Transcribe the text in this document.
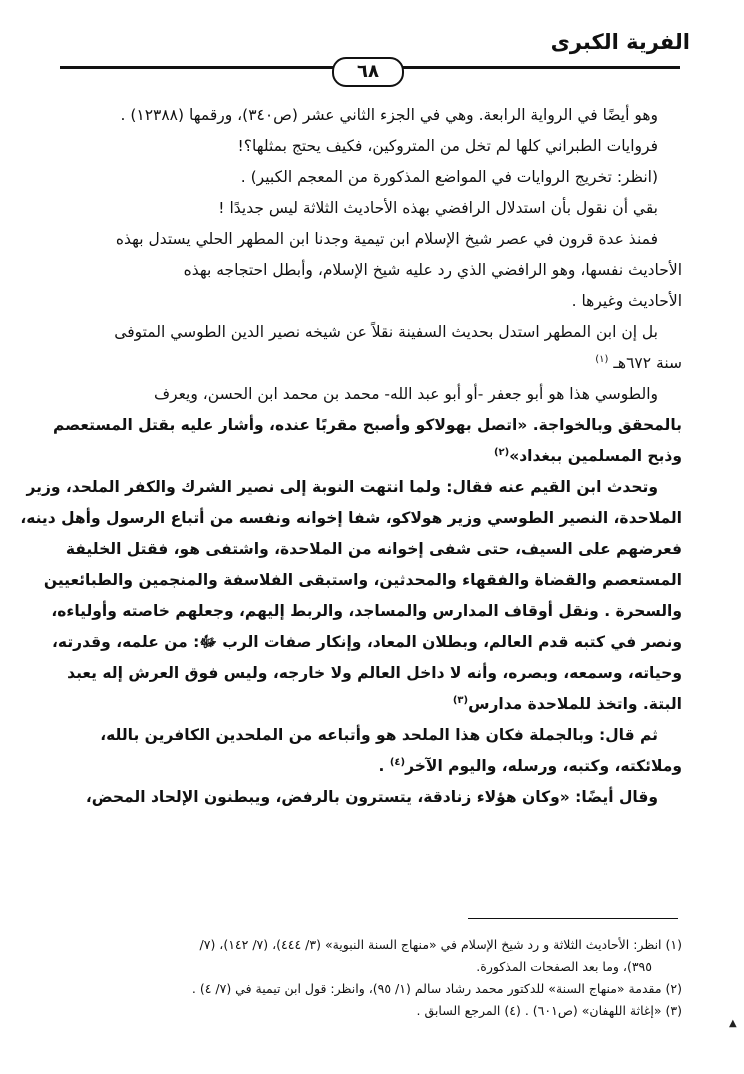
الفرية الكبرى
٦٨

وهو أيضًا في الرواية الرابعة. وهي في الجزء الثاني عشر (ص٣٤٠)، ورقمها (١٢٣٨٨) .

فروايات الطبراني كلها لم تخل من المتروكين، فكيف يحتج بمثلها؟!

(انظر: تخريج الروايات في المواضع المذكورة من المعجم الكبير) .

بقي أن نقول بأن استدلال الرافضي بهذه الأحاديث الثلاثة ليس جديدًا !

فمنذ عدة قرون في عصر شيخ الإسلام ابن تيمية وجدنا ابن المطهر الحلي يستدل بهذه
الأحاديث نفسها، وهو الرافضي الذي رد عليه شيخ الإسلام، وأبطل احتجاجه بهذه
الأحاديث وغيرها .

بل إن ابن المطهر استدل بحديث السفينة نقلاً عن شيخه نصير الدين الطوسي المتوفى
سنة ٦٧٢هـ $^{(١)}$

والطوسي هذا هو أبو جعفر -أو أبو عبد الله- محمد بن محمد ابن الحسن، ويعرف
بالمحقق وبالخواجة. «اتصل بهولاكو وأصبح مقربًا عنده، وأشار عليه بقتل المستعصم
وذبح المسلمين ببغداد»$^{(٢)}$

وتحدث ابن القيم عنه فقال: ولما انتهت النوبة إلى نصير الشرك والكفر الملحد، وزير
الملاحدة، النصير الطوسي وزير هولاكو، شفا إخوانه ونفسه من أتباع الرسول وأهل دينه،
فعرضهم على السيف، حتى شفى إخوانه من الملاحدة، واشتفى هو، فقتل الخليفة
المستعصم والقضاة والفقهاء والمحدثين، واستبقى الفلاسفة والمنجمين والطبائعيين
والسحرة . ونقل أوقاف المدارس والمساجد، والربط إليهم، وجعلهم خاصته وأولياءه،
ونصر في كتبه قدم العالم، وبطلان المعاد، وإنكار صفات الرب ﷻ: من علمه، وقدرته،
وحياته، وسمعه، وبصره، وأنه لا داخل العالم ولا خارجه، وليس فوق العرش إله يعبد
البتة. واتخذ للملاحدة مدارس$^{(٣)}$

ثم قال: وبالجملة فكان هذا الملحد هو وأتباعه من الملحدين الكافرين بالله،
وملائكته، وكتبه، ورسله، واليوم الآخر$^{(٤)}$ .

وقال أيضًا: «وكان هؤلاء زنادقة، يتسترون بالرفض، ويبطنون الإلحاد المحض،

(١) انظر: الأحاديث الثلاثة و رد شيخ الإسلام في «منهاج السنة النبوية» (٣/ ٤٤٤)، (٧/ ١٤٢)، (٧/
٣٩٥)، وما بعد الصفحات المذكورة.
(٢) مقدمة «منهاج السنة» للدكتور محمد رشاد سالم (١/ ٩٥)، وانظر: قول ابن تيمية في (٧/ ٤) .
(٣) «إغاثة اللهفان» (ص٦٠١) . (٤) المرجع السابق .
▲
